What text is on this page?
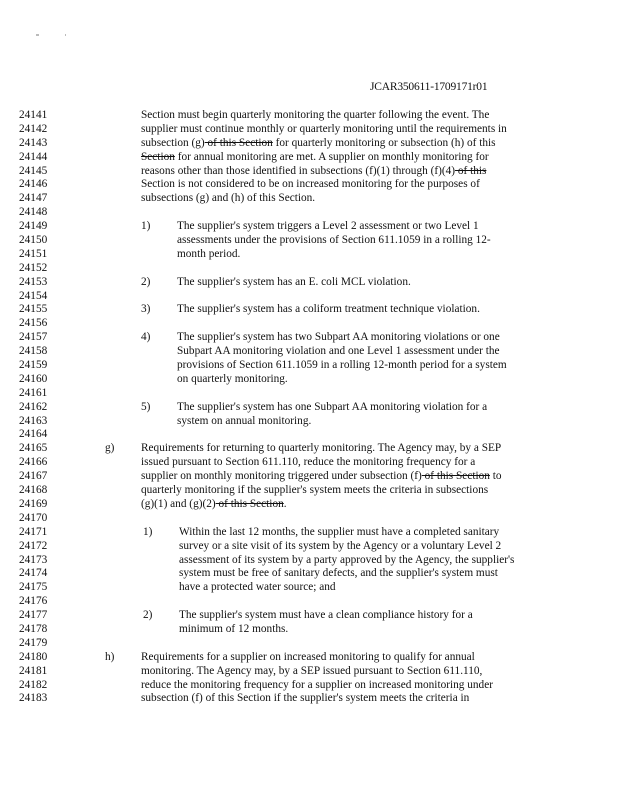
JCAR350611-1709171r01
24141	Section must begin quarterly monitoring the quarter following the event. The
24142	supplier must continue monthly or quarterly monitoring until the requirements in
24143	subsection (g) of this Section for quarterly monitoring or subsection (h) of this
24144	Section for annual monitoring are met. A supplier on monthly monitoring for
24145	reasons other than those identified in subsections (f)(1) through (f)(4) of this
24146	Section is not considered to be on increased monitoring for the purposes of
24147	subsections (g) and (h) of this Section.
24148
24149	1) The supplier's system triggers a Level 2 assessment or two Level 1
24150	assessments under the provisions of Section 611.1059 in a rolling 12-
24151	month period.
24152
24153	2) The supplier's system has an E. coli MCL violation.
24154
24155	3) The supplier's system has a coliform treatment technique violation.
24156
24157	4) The supplier's system has two Subpart AA monitoring violations or one
24158	Subpart AA monitoring violation and one Level 1 assessment under the
24159	provisions of Section 611.1059 in a rolling 12-month period for a system
24160	on quarterly monitoring.
24161
24162	5) The supplier's system has one Subpart AA monitoring violation for a
24163	system on annual monitoring.
24164
24165	g) Requirements for returning to quarterly monitoring. The Agency may, by a SEP
24166	issued pursuant to Section 611.110, reduce the monitoring frequency for a
24167	supplier on monthly monitoring triggered under subsection (f) of this Section to
24168	quarterly monitoring if the supplier's system meets the criteria in subsections
24169	(g)(1) and (g)(2) of this Section.
24170
24171	1) Within the last 12 months, the supplier must have a completed sanitary
24172	survey or a site visit of its system by the Agency or a voluntary Level 2
24173	assessment of its system by a party approved by the Agency, the supplier's
24174	system must be free of sanitary defects, and the supplier's system must
24175	have a protected water source; and
24176
24177	2) The supplier's system must have a clean compliance history for a
24178	minimum of 12 months.
24179
24180	h) Requirements for a supplier on increased monitoring to qualify for annual
24181	monitoring. The Agency may, by a SEP issued pursuant to Section 611.110,
24182	reduce the monitoring frequency for a supplier on increased monitoring under
24183	subsection (f) of this Section if the supplier's system meets the criteria in
